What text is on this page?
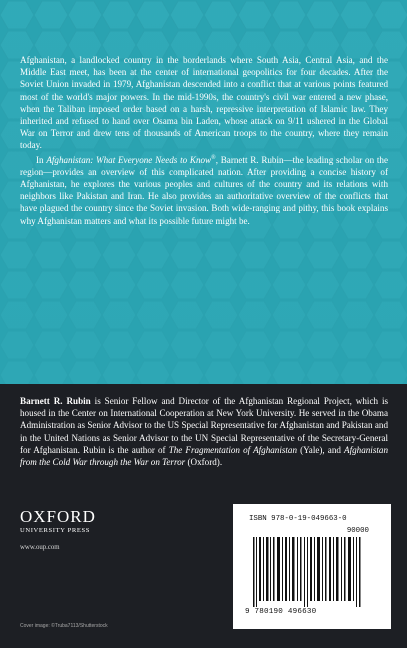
Afghanistan, a landlocked country in the borderlands where South Asia, Central Asia, and the Middle East meet, has been at the center of international geopolitics for four decades. After the Soviet Union invaded in 1979, Afghanistan descended into a conflict that at various points featured most of the world's major powers. In the mid-1990s, the country's civil war entered a new phase, when the Taliban imposed order based on a harsh, repressive interpretation of Islamic law. They inherited and refused to hand over Osama bin Laden, whose attack on 9/11 ushered in the Global War on Terror and drew tens of thousands of American troops to the country, where they remain today.

In Afghanistan: What Everyone Needs to Know®, Barnett R. Rubin—the leading scholar on the region—provides an overview of this complicated nation. After providing a concise history of Afghanistan, he explores the various peoples and cultures of the country and its relations with neighbors like Pakistan and Iran. He also provides an authoritative overview of the conflicts that have plagued the country since the Soviet invasion. Both wide-ranging and pithy, this book explains why Afghanistan matters and what its possible future might be.

Barnett R. Rubin is Senior Fellow and Director of the Afghanistan Regional Project, which is housed in the Center on International Cooperation at New York University. He served in the Obama Administration as Senior Advisor to the US Special Representative for Afghanistan and Pakistan and in the United Nations as Senior Advisor to the UN Special Representative of the Secretary-General for Afghanistan. Rubin is the author of The Fragmentation of Afghanistan (Yale), and Afghanistan from the Cold War through the War on Terror (Oxford).
OXFORD
UNIVERSITY PRESS
www.oup.com
Cover image: ©Truba7113/Shutterstock
ISBN 978-0-19-049663-0
90000
9 780190 496630
